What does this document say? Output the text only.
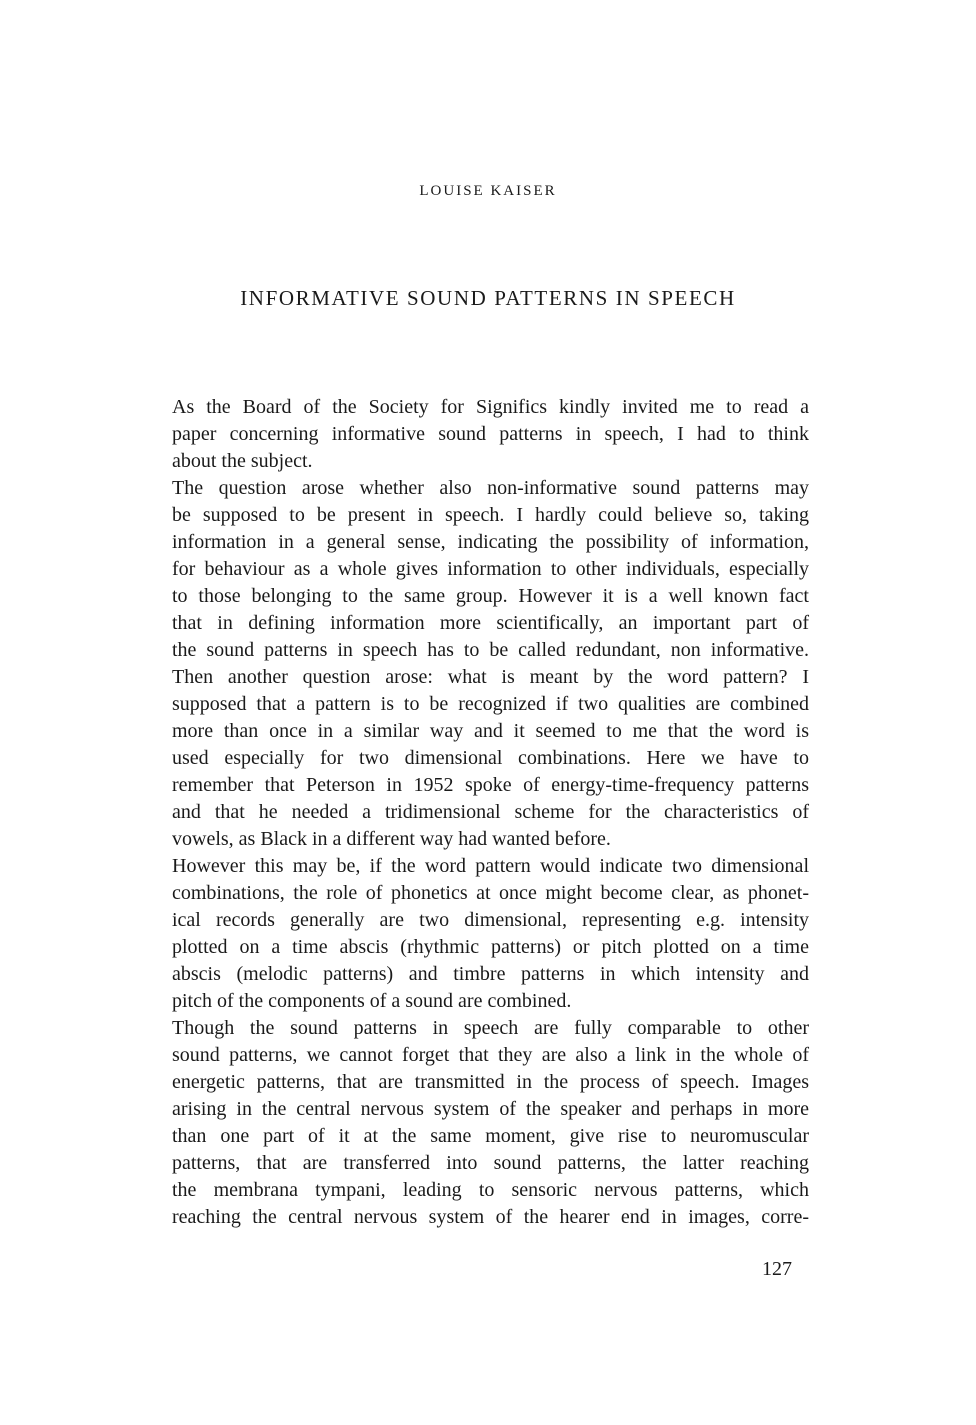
LOUISE KAISER
INFORMATIVE SOUND PATTERNS IN SPEECH
As the Board of the Society for Significs kindly invited me to read a
paper concerning informative sound patterns in speech, I had to think
about the subject.
The question arose whether also non-informative sound patterns may
be supposed to be present in speech. I hardly could believe so, taking
information in a general sense, indicating the possibility of information,
for behaviour as a whole gives information to other individuals, especially
to those belonging to the same group. However it is a well known fact
that in defining information more scientifically, an important part of
the sound patterns in speech has to be called redundant, non informative.
Then another question arose: what is meant by the word pattern? I
supposed that a pattern is to be recognized if two qualities are combined
more than once in a similar way and it seemed to me that the word is
used especially for two dimensional combinations. Here we have to
remember that Peterson in 1952 spoke of energy-time-frequency patterns
and that he needed a tridimensional scheme for the characteristics of
vowels, as Black in a different way had wanted before.
However this may be, if the word pattern would indicate two dimensional
combinations, the role of phonetics at once might become clear, as phonet-
ical records generally are two dimensional, representing e.g. intensity
plotted on a time abscis (rhythmic patterns) or pitch plotted on a time
abscis (melodic patterns) and timbre patterns in which intensity and
pitch of the components of a sound are combined.
Though the sound patterns in speech are fully comparable to other
sound patterns, we cannot forget that they are also a link in the whole of
energetic patterns, that are transmitted in the process of speech. Images
arising in the central nervous system of the speaker and perhaps in more
than one part of it at the same moment, give rise to neuromuscular
patterns, that are transferred into sound patterns, the latter reaching
the membrana tympani, leading to sensoric nervous patterns, which
reaching the central nervous system of the hearer end in images, corre-

127
